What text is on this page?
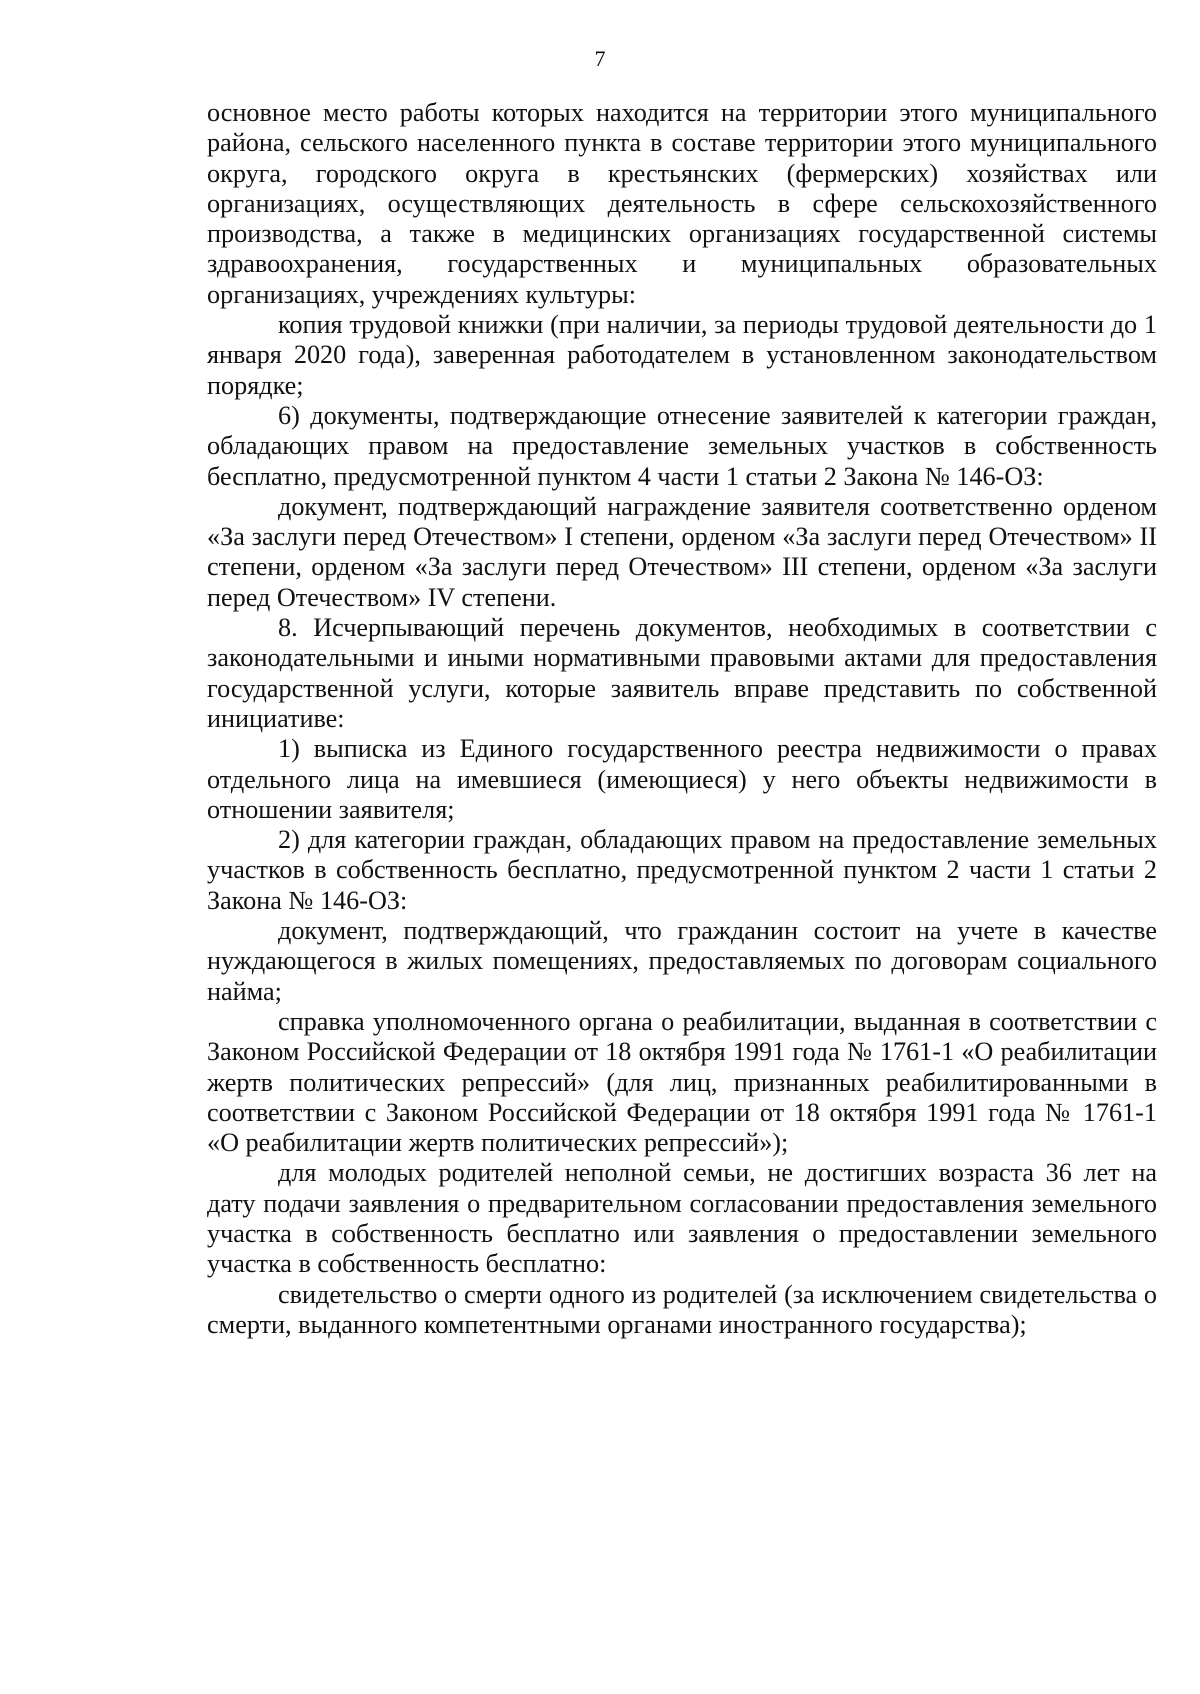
7

основное место работы которых находится на территории этого муниципального района, сельского населенного пункта в составе территории этого муниципального округа, городского округа в крестьянских (фермерских) хозяйствах или организациях, осуществляющих деятельность в сфере сельскохозяйственного производства, а также в медицинских организациях государственной системы здравоохранения, государственных и муниципальных образовательных организациях, учреждениях культуры:

копия трудовой книжки (при наличии, за периоды трудовой деятельности до 1 января 2020 года), заверенная работодателем в установленном законодательством порядке;

6) документы, подтверждающие отнесение заявителей к категории граждан, обладающих правом на предоставление земельных участков в собственность бесплатно, предусмотренной пунктом 4 части 1 статьи 2 Закона № 146-ОЗ:

документ, подтверждающий награждение заявителя соответственно орденом «За заслуги перед Отечеством» I степени, орденом «За заслуги перед Отечеством» II степени, орденом «За заслуги перед Отечеством» III степени, орденом «За заслуги перед Отечеством» IV степени.

8. Исчерпывающий перечень документов, необходимых в соответствии с законодательными и иными нормативными правовыми актами для предоставления государственной услуги, которые заявитель вправе представить по собственной инициативе:

1) выписка из Единого государственного реестра недвижимости о правах отдельного лица на имевшиеся (имеющиеся) у него объекты недвижимости в отношении заявителя;

2) для категории граждан, обладающих правом на предоставление земельных участков в собственность бесплатно, предусмотренной пунктом 2 части 1 статьи 2 Закона № 146-ОЗ:

документ, подтверждающий, что гражданин состоит на учете в качестве нуждающегося в жилых помещениях, предоставляемых по договорам социального найма;

справка уполномоченного органа о реабилитации, выданная в соответствии с Законом Российской Федерации от 18 октября 1991 года № 1761-1 «О реабилитации жертв политических репрессий» (для лиц, признанных реабилитированными в соответствии с Законом Российской Федерации от 18 октября 1991 года № 1761-1 «О реабилитации жертв политических репрессий»);

для молодых родителей неполной семьи, не достигших возраста 36 лет на дату подачи заявления о предварительном согласовании предоставления земельного участка в собственность бесплатно или заявления о предоставлении земельного участка в собственность бесплатно:

свидетельство о смерти одного из родителей (за исключением свидетельства о смерти, выданного компетентными органами иностранного государства);
